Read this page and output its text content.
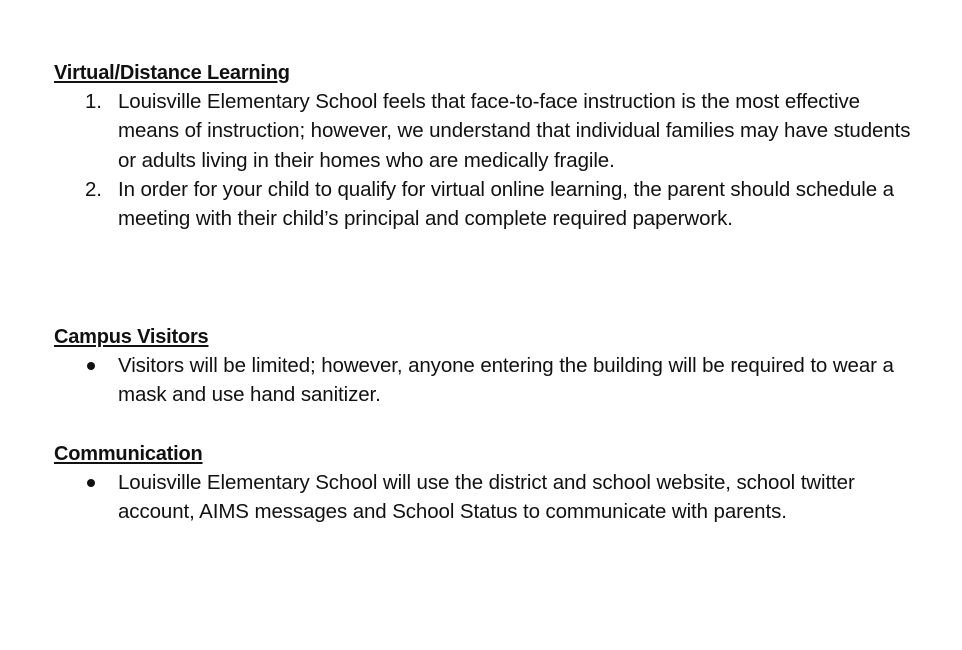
Virtual/Distance Learning
1. Louisville Elementary School feels that face-to-face instruction is the most effective means of instruction; however, we understand that individual families may have students or adults living in their homes who are medically fragile.
2. In order for your child to qualify for virtual online learning, the parent should schedule a meeting with their child’s principal and complete required paperwork.
Campus Visitors
Visitors will be limited; however, anyone entering the building will be required to wear a mask and use hand sanitizer.
Communication
Louisville Elementary School will use the district and school website, school twitter account, AIMS messages and School Status to communicate with parents.
